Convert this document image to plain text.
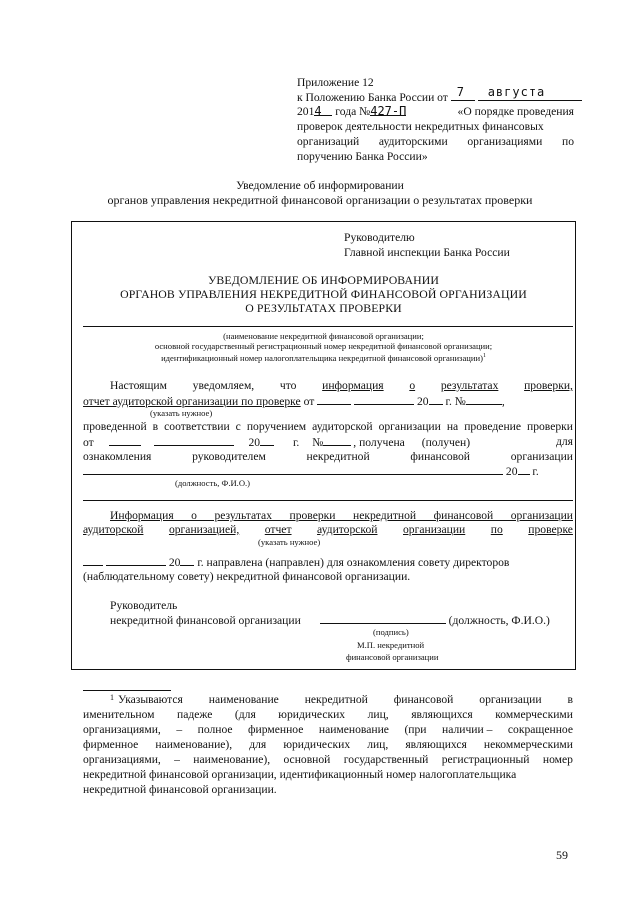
Приложение 12
к Положению Банка России от 7
августа
2014 года №427-П	«О порядке проведения
проверок деятельности некредитных финансовых
организаций аудиторскими организациями по
поручению Банка России»
Уведомление об информировании
органов управления некредитной финансовой организации о результатах проверки
Руководителю
Главной инспекции Банка России
УВЕДОМЛЕНИЕ ОБ ИНФОРМИРОВАНИИ
ОРГАНОВ УПРАВЛЕНИЯ НЕКРЕДИТНОЙ ФИНАНСОВОЙ ОРГАНИЗАЦИИ
О РЕЗУЛЬТАТАХ ПРОВЕРКИ
(наименование некредитной финансовой организации;
основной государственный регистрационный номер некредитной финансовой организации;
идентификационный номер налогоплательщика некредитной финансовой организации)$^1$
Настоящим уведомляем, что информация о результатах проверки,
отчет аудиторской организации по проверке от	20 г. №	,
(указать нужное)
проведенной в соответствии с поручением аудиторской организации на проведение проверки
от	20	г. №	, получена (получен)	для
ознакомления	руководителем	некредитной	финансовой	организации
20 г.
(должность, Ф.И.О.)
Информация о результатах проверки некредитной финансовой организации
аудиторской организацией, отчет аудиторской организации по проверке
(указать нужное)
20 г. направлена (направлен) для ознакомления совету директоров
(наблюдательному совету) некредитной финансовой организации.
Руководитель
некредитной финансовой организации	(должность, Ф.И.О.)
(подпись)
М.П. некредитной
финансовой организации
$^1$ Указываются наименование некредитной финансовой организации в
именительном падеже (для юридических лиц, являющихся коммерческими
организациями, – полное фирменное наименование (при наличии – сокращенное
фирменное наименование), для юридических лиц, являющихся некоммерческими
организациями, – наименование), основной государственный регистрационный номер
некредитной финансовой организации, идентификационный номер налогоплательщика
некредитной финансовой организации.
59
